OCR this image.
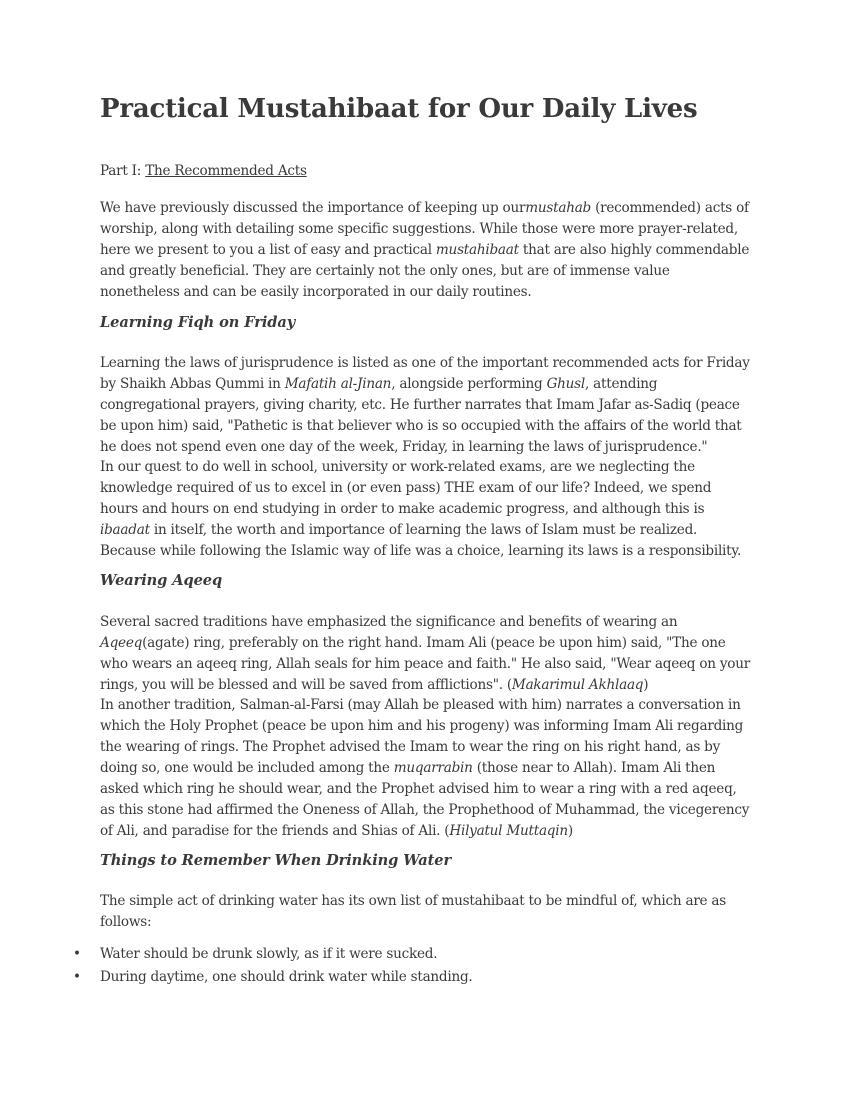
Practical Mustahibaat for Our Daily Lives
Part I: The Recommended Acts

We have previously discussed the importance of keeping up ourmustahab (recommended) acts of worship, along with detailing some specific suggestions. While those were more prayer-related, here we present to you a list of easy and practical mustahibaat that are also highly commendable and greatly beneficial. They are certainly not the only ones, but are of immense value nonetheless and can be easily incorporated in our daily routines.

Learning Fiqh on Friday

Learning the laws of jurisprudence is listed as one of the important recommended acts for Friday by Shaikh Abbas Qummi in Mafatih al-Jinan, alongside performing Ghusl, attending congregational prayers, giving charity, etc. He further narrates that Imam Jafar as-Sadiq (peace be upon him) said, "Pathetic is that believer who is so occupied with the affairs of the world that he does not spend even one day of the week, Friday, in learning the laws of jurisprudence."

In our quest to do well in school, university or work-related exams, are we neglecting the knowledge required of us to excel in (or even pass) THE exam of our life? Indeed, we spend hours and hours on end studying in order to make academic progress, and although this is ibaadat in itself, the worth and importance of learning the laws of Islam must be realized. Because while following the Islamic way of life was a choice, learning its laws is a responsibility.

Wearing Aqeeq

Several sacred traditions have emphasized the significance and benefits of wearing an Aqeeq(agate) ring, preferably on the right hand. Imam Ali (peace be upon him) said, "The one who wears an aqeeq ring, Allah seals for him peace and faith." He also said, "Wear aqeeq on your rings, you will be blessed and will be saved from afflictions". (Makarimul Akhlaaq)

In another tradition, Salman-al-Farsi (may Allah be pleased with him) narrates a conversation in which the Holy Prophet (peace be upon him and his progeny) was informing Imam Ali regarding the wearing of rings. The Prophet advised the Imam to wear the ring on his right hand, as by doing so, one would be included among the muqarrabin (those near to Allah). Imam Ali then asked which ring he should wear, and the Prophet advised him to wear a ring with a red aqeeq, as this stone had affirmed the Oneness of Allah, the Prophethood of Muhammad, the vicegerency of Ali, and paradise for the friends and Shias of Ali. (Hilyatul Muttaqin)

Things to Remember When Drinking Water

The simple act of drinking water has its own list of mustahibaat to be mindful of, which are as follows:

• Water should be drunk slowly, as if it were sucked.
• During daytime, one should drink water while standing.
